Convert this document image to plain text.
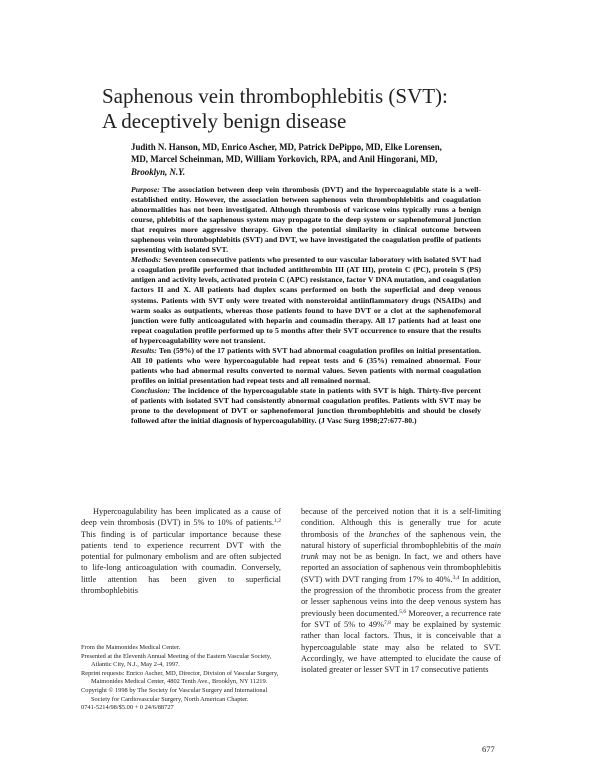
Saphenous vein thrombophlebitis (SVT):
A deceptively benign disease
Judith N. Hanson, MD, Enrico Ascher, MD, Patrick DePippo, MD, Elke Lorensen, MD, Marcel Scheinman, MD, William Yorkovich, RPA, and Anil Hingorani, MD, Brooklyn, N.Y.

Purpose: The association between deep vein thrombosis (DVT) and the hypercoagulable state is a well-established entity. However, the association between saphenous vein thrombophlebitis and coagulation abnormalities has not been investigated. Although thrombosis of varicose veins typically runs a benign course, phlebitis of the saphenous system may propagate to the deep system or saphenofemoral junction that requires more aggressive therapy. Given the potential similarity in clinical outcome between saphenous vein thrombophlebitis (SVT) and DVT, we have investigated the coagulation profile of patients presenting with isolated SVT.

Methods: Seventeen consecutive patients who presented to our vascular laboratory with isolated SVT had a coagulation profile performed that included antithrombin III (AT III), protein C (PC), protein S (PS) antigen and activity levels, activated protein C (APC) resistance, factor V DNA mutation, and coagulation factors II and X. All patients had duplex scans performed on both the superficial and deep venous systems. Patients with SVT only were treated with nonsteroidal antiinflammatory drugs (NSAIDs) and warm soaks as outpatients, whereas those patients found to have DVT or a clot at the saphenofemoral junction were fully anticoagulated with heparin and coumadin therapy. All 17 patients had at least one repeat coagulation profile performed up to 5 months after their SVT occurrence to ensure that the results of hypercoagulability were not transient.

Results: Ten (59%) of the 17 patients with SVT had abnormal coagulation profiles on initial presentation. All 10 patients who were hypercoagulable had repeat tests and 6 (35%) remained abnormal. Four patients who had abnormal results converted to normal values. Seven patients with normal coagulation profiles on initial presentation had repeat tests and all remained normal.

Conclusion: The incidence of the hypercoagulable state in patients with SVT is high. Thirty-five percent of patients with isolated SVT had consistently abnormal coagulation profiles. Patients with SVT may be prone to the development of DVT or saphenofemoral junction thrombophlebitis and should be closely followed after the initial diagnosis of hypercoagulability. (J Vasc Surg 1998;27:677-80.)

Hypercoagulability has been implicated as a cause of deep vein thrombosis (DVT) in 5% to 10% of patients.$^{1,2}$ This finding is of particular importance because these patients tend to experience recurrent DVT with the potential for pulmonary embolism and are often subjected to life-long anticoagulation with coumadin. Conversely, little attention has been given to superficial thrombophlebitis

because of the perceived notion that it is a self-limiting condition. Although this is generally true for acute thrombosis of the branches of the saphenous vein, the natural history of superficial thrombophlebitis of the main trunk may not be as benign. In fact, we and others have reported an association of saphenous vein thrombophlebitis (SVT) with DVT ranging from 17% to 40%.$^{3,4}$ In addition, the progression of the thrombotic process from the greater or lesser saphenous veins into the deep venous system has previously been documented.$^{5,6}$ Moreover, a recurrence rate for SVT of 5% to 49%$^{7,8}$ may be explained by systemic rather than local factors. Thus, it is conceivable that a hypercoagulable state may also be related to SVT. Accordingly, we have attempted to elucidate the cause of isolated greater or lesser SVT in 17 consecutive patients

From the Maimonides Medical Center.
Presented at the Eleventh Annual Meeting of the Eastern Vascular Society, Atlantic City, N.J., May 2-4, 1997.
Reprint requests: Enrico Ascher, MD, Director, Division of Vascular Surgery, Maimonides Medical Center, 4802 Tenth Ave., Brooklyn, NY 11219.
Copyright © 1998 by The Society for Vascular Surgery and International Society for Cardiovascular Surgery, North American Chapter.
0741-5214/98/$5.00 + 0 24/6/88727
677
